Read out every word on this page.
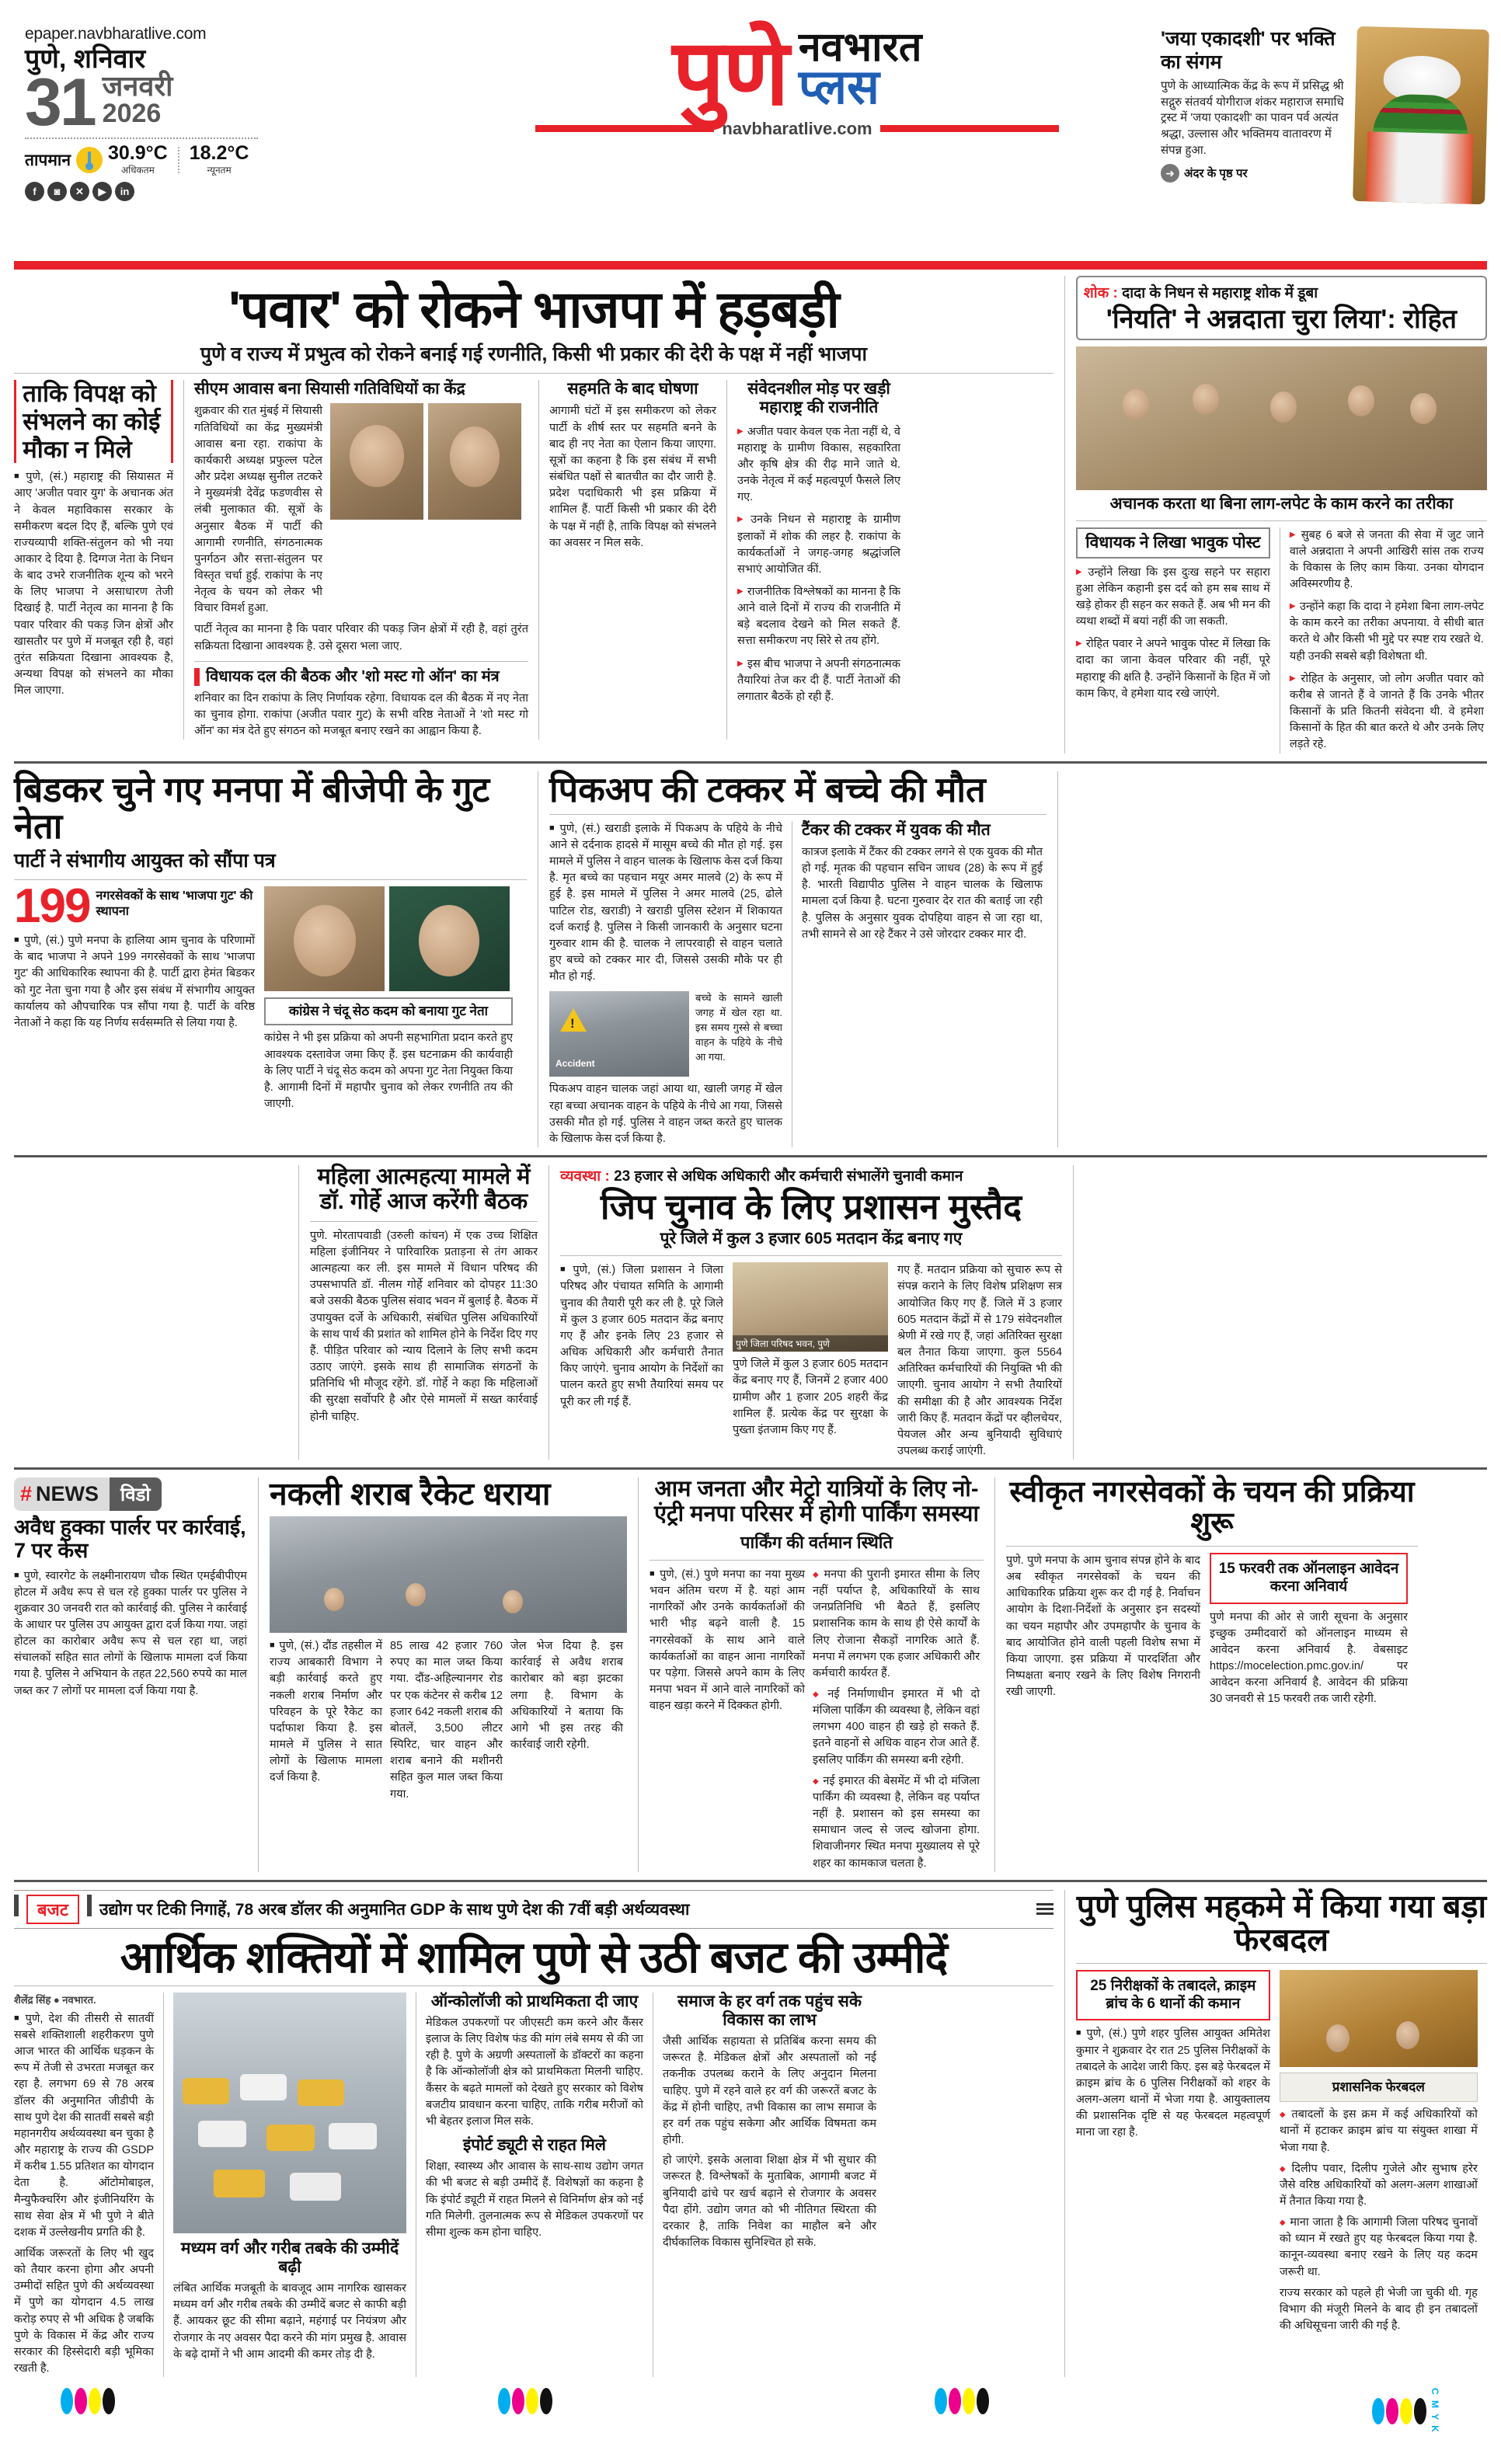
epaper.navbharatlive.com
पुणे, शनिवार
31 जनवरी
2026
तापमान 30.9°C
अधिकतम
18.2°C
न्यूनतम
f	◙	✕	▶	in
पुणे नवभारत
प्लस
navbharatlive.com
'जया एकादशी' पर भक्ति का संगम
पुणे के आध्यात्मिक केंद्र के रूप में प्रसिद्ध श्री सद्गुरु संतवर्य योगीराज शंकर महाराज समाधि ट्रस्ट में 'जया एकादशी' का पावन पर्व अत्यंत श्रद्धा, उल्लास और भक्तिमय वातावरण में संपन्न हुआ.
➜ अंदर के पृष्ठ पर
'पवार' को रोकने भाजपा में हड़बड़ी
पुणे व राज्य में प्रभुत्व को रोकने बनाई गई रणनीति, किसी भी प्रकार की देरी के पक्ष में नहीं भाजपा
ताकि विपक्ष को संभलने का कोई मौका न मिले
■ पुणे, (सं.) महाराष्ट्र की सियासत में आए 'अजीत पवार युग' के अचानक अंत ने केवल महाविकास सरकार के समीकरण बदल दिए हैं, बल्कि पुणे एवं राज्यव्यापी शक्ति-संतुलन को भी नया आकार दे दिया है. दिग्गज नेता के निधन के बाद उभरे राजनीतिक शून्य को भरने के लिए भाजपा ने असाधारण तेजी दिखाई है. पार्टी नेतृत्व का मानना है कि पवार परिवार की पकड़ जिन क्षेत्रों और खासतौर पर पुणे में मजबूत रही है, वहां तुरंत सक्रियता दिखाना आवश्यक है, अन्यथा विपक्ष को संभलने का मौका मिल जाएगा.
सीएम आवास बना सियासी गतिविधियों का केंद्र
शुक्रवार की रात मुंबई में सियासी गतिविधियों का केंद्र मुख्यमंत्री आवास बना रहा. राकांपा के कार्यकारी अध्यक्ष प्रफुल्ल पटेल और प्रदेश अध्यक्ष सुनील तटकरे ने मुख्यमंत्री देवेंद्र फडणवीस से लंबी मुलाकात की. सूत्रों के अनुसार बैठक में पार्टी की आगामी रणनीति, संगठनात्मक पुनर्गठन और सत्ता-संतुलन पर विस्तृत चर्चा हुई. राकांपा के नए नेतृत्व के चयन को लेकर भी विचार विमर्श हुआ.
पार्टी नेतृत्व का मानना है कि पवार परिवार की पकड़ जिन क्षेत्रों में रही है, वहां तुरंत सक्रियता दिखाना आवश्यक है. उसे दूसरा भला जाए.
विधायक दल की बैठक और 'शो मस्ट गो ऑन' का मंत्र
शनिवार का दिन राकांपा के लिए निर्णायक रहेगा. विधायक दल की बैठक में नए नेता का चुनाव होगा. राकांपा (अजीत पवार गुट) के सभी वरिष्ठ नेताओं ने 'शो मस्ट गो ऑन' का मंत्र देते हुए संगठन को मजबूत बनाए रखने का आह्वान किया है.
सहमति के बाद घोषणा
आगामी घंटों में इस समीकरण को लेकर पार्टी के शीर्ष स्तर पर सहमति बनने के बाद ही नए नेता का ऐलान किया जाएगा. सूत्रों का कहना है कि इस संबंध में सभी संबंधित पक्षों से बातचीत का दौर जारी है. प्रदेश पदाधिकारी भी इस प्रक्रिया में शामिल हैं. पार्टी किसी भी प्रकार की देरी के पक्ष में नहीं है, ताकि विपक्ष को संभलने का अवसर न मिल सके.
संवेदनशील मोड़ पर खड़ी महाराष्ट्र की राजनीति
▶ अजीत पवार केवल एक नेता नहीं थे, वे महाराष्ट्र के ग्रामीण विकास, सहकारिता और कृषि क्षेत्र की रीढ़ माने जाते थे. उनके नेतृत्व में कई महत्वपूर्ण फैसले लिए गए.
▶ उनके निधन से महाराष्ट्र के ग्रामीण इलाकों में शोक की लहर है. राकांपा के कार्यकर्ताओं ने जगह-जगह श्रद्धांजलि सभाएं आयोजित कीं.
▶ राजनीतिक विश्लेषकों का मानना है कि आने वाले दिनों में राज्य की राजनीति में बड़े बदलाव देखने को मिल सकते हैं. सत्ता समीकरण नए सिरे से तय होंगे.
▶ इस बीच भाजपा ने अपनी संगठनात्मक तैयारियां तेज कर दी हैं. पार्टी नेताओं की लगातार बैठकें हो रही हैं.
शोक : दादा के निधन से महाराष्ट्र शोक में डूबा
'नियति' ने अन्नदाता चुरा लिया': रोहित
अचानक करता था बिना लाग-लपेट के काम करने का तरीका
विधायक ने लिखा भावुक पोस्ट
▶ उन्होंने लिखा कि इस दुःख सहने पर सहारा हुआ लेकिन कहानी इस दर्द को हम सब साथ में खड़े होकर ही सहन कर सकते हैं. अब भी मन की व्यथा शब्दों में बयां नहीं की जा सकती.
▶ रोहित पवार ने अपने भावुक पोस्ट में लिखा कि दादा का जाना केवल परिवार की नहीं, पूरे महाराष्ट्र की क्षति है. उन्होंने किसानों के हित में जो काम किए, वे हमेशा याद रखे जाएंगे.
▶ सुबह 6 बजे से जनता की सेवा में जुट जाने वाले अन्नदाता ने अपनी आखिरी सांस तक राज्य के विकास के लिए काम किया. उनका योगदान अविस्मरणीय है.
▶ उन्होंने कहा कि दादा ने हमेशा बिना लाग-लपेट के काम करने का तरीका अपनाया. वे सीधी बात करते थे और किसी भी मुद्दे पर स्पष्ट राय रखते थे. यही उनकी सबसे बड़ी विशेषता थी.
▶ रोहित के अनुसार, जो लोग अजीत पवार को करीब से जानते हैं वे जानते हैं कि उनके भीतर किसानों के प्रति कितनी संवेदना थी. वे हमेशा किसानों के हित की बात करते थे और उनके लिए लड़ते रहे.
बिडकर चुने गए मनपा में बीजेपी के गुट नेता
पार्टी ने संभागीय आयुक्त को सौंपा पत्र
199 नगरसेवकों के साथ 'भाजपा गुट' की स्थापना
■ पुणे, (सं.) पुणे मनपा के हालिया आम चुनाव के परिणामों के बाद भाजपा ने अपने 199 नगरसेवकों के साथ 'भाजपा गुट' की आधिकारिक स्थापना की है. पार्टी द्वारा हेमंत बिडकर को गुट नेता चुना गया है और इस संबंध में संभागीय आयुक्त कार्यालय को औपचारिक पत्र सौंपा गया है. पार्टी के वरिष्ठ नेताओं ने कहा कि यह निर्णय सर्वसम्मति से लिया गया है.
कांग्रेस ने चंदू सेठ कदम को बनाया गुट नेता
कांग्रेस ने भी इस प्रक्रिया को अपनी सहभागिता प्रदान करते हुए आवश्यक दस्तावेज जमा किए हैं. इस घटनाक्रम की कार्यवाही के लिए पार्टी ने चंदू सेठ कदम को अपना गुट नेता नियुक्त किया है. आगामी दिनों में महापौर चुनाव को लेकर रणनीति तय की जाएगी.
पिकअप की टक्कर में बच्चे की मौत
■ पुणे, (सं.) खराडी इलाके में पिकअप के पहिये के नीचे आने से दर्दनाक हादसे में मासूम बच्चे की मौत हो गई. इस मामले में पुलिस ने वाहन चालक के खिलाफ केस दर्ज किया है. मृत बच्चे का पहचान मयूर अमर मालवे (2) के रूप में हुई है. इस मामले में पुलिस ने अमर मालवे (25, ढोले पाटिल रोड, खराडी) ने खराडी पुलिस स्टेशन में शिकायत दर्ज कराई है. पुलिस ने किसी जानकारी के अनुसार घटना गुरुवार शाम की है. चालक ने लापरवाही से वाहन चलाते हुए बच्चे को टक्कर मार दी, जिससे उसकी मौके पर ही मौत हो गई.
!
Accident
बच्चे के सामने खाली जगह में खेल रहा था. इस समय गुस्से से बच्चा वाहन के पहिये के नीचे आ गया.
पिकअप वाहन चालक जहां आया था, खाली जगह में खेल रहा बच्चा अचानक वाहन के पहिये के नीचे आ गया, जिससे उसकी मौत हो गई. पुलिस ने वाहन जब्त करते हुए चालक के खिलाफ केस दर्ज किया है.
टैंकर की टक्कर में युवक की मौत
कात्रज इलाके में टैंकर की टक्कर लगने से एक युवक की मौत हो गई. मृतक की पहचान सचिन जाधव (28) के रूप में हुई है. भारती विद्यापीठ पुलिस ने वाहन चालक के खिलाफ मामला दर्ज किया है. घटना गुरुवार देर रात की बताई जा रही है. पुलिस के अनुसार युवक दोपहिया वाहन से जा रहा था, तभी सामने से आ रहे टैंकर ने उसे जोरदार टक्कर मार दी.

महिला आत्महत्या मामले में डॉ. गोर्हे आज करेंगी बैठक
पुणे. मोरतापवाडी (उरुली कांचन) में एक उच्च शिक्षित महिला इंजीनियर ने पारिवारिक प्रताड़ना से तंग आकर आत्महत्या कर ली. इस मामले में विधान परिषद की उपसभापति डॉ. नीलम गोर्हे शनिवार को दोपहर 11:30 बजे उसकी बैठक पुलिस संवाद भवन में बुलाई है. बैठक में उपायुक्त दर्जे के अधिकारी, संबंधित पुलिस अधिकारियों के साथ पार्थ की प्रशांत को शामिल होने के निर्देश दिए गए हैं. पीड़ित परिवार को न्याय दिलाने के लिए सभी कदम उठाए जाएंगे. इसके साथ ही सामाजिक संगठनों के प्रतिनिधि भी मौजूद रहेंगे. डॉ. गोर्हे ने कहा कि महिलाओं की सुरक्षा सर्वोपरि है और ऐसे मामलों में सख्त कार्रवाई होनी चाहिए.
व्यवस्था : 23 हजार से अधिक अधिकारी और कर्मचारी संभालेंगे चुनावी कमान
जिप चुनाव के लिए प्रशासन मुस्तैद
पूरे जिले में कुल 3 हजार 605 मतदान केंद्र बनाए गए
■ पुणे, (सं.) जिला प्रशासन ने जिला परिषद और पंचायत समिति के आगामी चुनाव की तैयारी पूरी कर ली है. पूरे जिले में कुल 3 हजार 605 मतदान केंद्र बनाए गए हैं और इनके लिए 23 हजार से अधिक अधिकारी और कर्मचारी तैनात किए जाएंगे. चुनाव आयोग के निर्देशों का पालन करते हुए सभी तैयारियां समय पर पूरी कर ली गई हैं.
पुणे जिला परिषद भवन, पुणे
पुणे जिले में कुल 3 हजार 605 मतदान केंद्र बनाए गए हैं, जिनमें 2 हजार 400 ग्रामीण और 1 हजार 205 शहरी केंद्र शामिल हैं. प्रत्येक केंद्र पर सुरक्षा के पुख्ता इंतजाम किए गए हैं.
गए हैं. मतदान प्रक्रिया को सुचारु रूप से संपन्न कराने के लिए विशेष प्रशिक्षण सत्र आयोजित किए गए हैं. जिले में 3 हजार 605 मतदान केंद्रों में से 179 संवेदनशील श्रेणी में रखे गए हैं, जहां अतिरिक्त सुरक्षा बल तैनात किया जाएगा. कुल 5564 अतिरिक्त कर्मचारियों की नियुक्ति भी की जाएगी. चुनाव आयोग ने सभी तैयारियों की समीक्षा की है और आवश्यक निर्देश जारी किए हैं. मतदान केंद्रों पर व्हीलचेयर, पेयजल और अन्य बुनियादी सुविधाएं उपलब्ध कराई जाएंगी.

# NEWS	विडो
अवैध हुक्का पार्लर पर कार्रवाई, 7 पर केस
■ पुणे, स्वारगेट के लक्ष्मीनारायण चौक स्थित एमईबीपीएम होटल में अवैध रूप से चल रहे हुक्का पार्लर पर पुलिस ने शुक्रवार 30 जनवरी रात को कार्रवाई की. पुलिस ने कार्रवाई के आधार पर पुलिस उप आयुक्त द्वारा दर्ज किया गया. जहां होटल का कारोबार अवैध रूप से चल रहा था, जहां संचालकों सहित सात लोगों के खिलाफ मामला दर्ज किया गया है. पुलिस ने अभियान के तहत 22,560 रुपये का माल जब्त कर 7 लोगों पर मामला दर्ज किया गया है.
नकली शराब रैकेट धराया
■ पुणे, (सं.) दौंड तहसील में राज्य आबकारी विभाग ने बड़ी कार्रवाई करते हुए नकली शराब निर्माण और परिवहन के पूरे रैकेट का पर्दाफाश किया है. इस मामले में पुलिस ने सात लोगों के खिलाफ मामला दर्ज किया है.
85 लाख 42 हजार 760 रुपए का माल जब्त किया गया. दौंड-अहिल्यानगर रोड पर एक कंटेनर से करीब 12 हजार 642 नकली शराब की बोतलें, 3,500 लीटर स्पिरिट, चार वाहन और शराब बनाने की मशीनरी सहित कुल माल जब्त किया गया.
जेल भेज दिया है. इस कार्रवाई से अवैध शराब कारोबार को बड़ा झटका लगा है. विभाग के अधिकारियों ने बताया कि आगे भी इस तरह की कार्रवाई जारी रहेगी.
आम जनता और मेट्रो यात्रियों के लिए नो-एंट्री मनपा परिसर में होगी पार्किंग समस्या
पार्किंग की वर्तमान स्थिति
■ पुणे, (सं.) पुणे मनपा का नया मुख्य भवन अंतिम चरण में है. यहां आम नागरिकों और उनके कार्यकर्ताओं की भारी भीड़ बढ़ने वाली है. 15 नगरसेवकों के साथ आने वाले कार्यकर्ताओं का वाहन आना नागरिकों पर पड़ेगा. जिससे अपने काम के लिए मनपा भवन में आने वाले नागरिकों को वाहन खड़ा करने में दिक्कत होगी.
◆ मनपा की पुरानी इमारत सीमा के लिए नहीं पर्याप्त है, अधिकारियों के साथ जनप्रतिनिधि भी बैठते हैं, इसलिए प्रशासनिक काम के साथ ही ऐसे कार्यों के लिए रोजाना सैकड़ों नागरिक आते हैं. मनपा में लगभग एक हजार अधिकारी और कर्मचारी कार्यरत हैं.
◆ नई निर्माणाधीन इमारत में भी दो मंजिला पार्किंग की व्यवस्था है, लेकिन वहां लगभग 400 वाहन ही खड़े हो सकते हैं. इतने वाहनों से अधिक वाहन रोज आते हैं. इसलिए पार्किंग की समस्या बनी रहेगी.
◆ नई इमारत की बेसमेंट में भी दो मंजिला पार्किंग की व्यवस्था है, लेकिन वह पर्याप्त नहीं है. प्रशासन को इस समस्या का समाधान जल्द से जल्द खोजना होगा. शिवाजीनगर स्थित मनपा मुख्यालय से पूरे शहर का कामकाज चलता है.
स्वीकृत नगरसेवकों के चयन की प्रक्रिया शुरू
पुणे. पुणे मनपा के आम चुनाव संपन्न होने के बाद अब स्वीकृत नगरसेवकों के चयन की आधिकारिक प्रक्रिया शुरू कर दी गई है. निर्वाचन आयोग के दिशा-निर्देशों के अनुसार इन सदस्यों का चयन महापौर और उपमहापौर के चुनाव के बाद आयोजित होने वाली पहली विशेष सभा में किया जाएगा. इस प्रक्रिया में पारदर्शिता और निष्पक्षता बनाए रखने के लिए विशेष निगरानी रखी जाएगी.
15 फरवरी तक ऑनलाइन आवेदन करना अनिवार्य
पुणे मनपा की ओर से जारी सूचना के अनुसार इच्छुक उम्मीदवारों को ऑनलाइन माध्यम से आवेदन करना अनिवार्य है. वेबसाइट https://mocelection.pmc.gov.in/ पर आवेदन करना अनिवार्य है. आवेदन की प्रक्रिया 30 जनवरी से 15 फरवरी तक जारी रहेगी.
बजट	उद्योग पर टिकी निगाहें, 78 अरब डॉलर की अनुमानित GDP के साथ पुणे देश की 7वीं बड़ी अर्थव्यवस्था
आर्थिक शक्तियों में शामिल पुणे से उठी बजट की उम्मीदें
शैलेंद्र सिंह ● नवभारत.
■ पुणे, देश की तीसरी से सातवीं सबसे शक्तिशाली शहरीकरण पुणे आज भारत की आर्थिक धड़कन के रूप में तेजी से उभरता मजबूत कर रहा है. लगभग 69 से 78 अरब डॉलर की अनुमानित जीडीपी के साथ पुणे देश की सातवीं सबसे बड़ी महानगरीय अर्थव्यवस्था बन चुका है और महाराष्ट्र के राज्य की GSDP में करीब 1.55 प्रतिशत का योगदान देता है. ऑटोमोबाइल, मैन्युफैक्चरिंग और इंजीनियरिंग के साथ सेवा क्षेत्र में भी पुणे ने बीते दशक में उल्लेखनीय प्रगति की है.
आर्थिक जरूरतों के लिए भी खुद को तैयार करना होगा और अपनी उम्मीदों सहित पुणे की अर्थव्यवस्था में पुणे का योगदान 4.5 लाख करोड़ रुपए से भी अधिक है जबकि पुणे के विकास में केंद्र और राज्य सरकार की हिस्सेदारी बड़ी भूमिका रखती है.
मध्यम वर्ग और गरीब तबके की उम्मीदें बढ़ी
लंबित आर्थिक मजबूती के बावजूद आम नागरिक खासकर मध्यम वर्ग और गरीब तबके की उम्मीदें बजट से काफी बड़ी हैं. आयकर छूट की सीमा बढ़ाने, महंगाई पर नियंत्रण और रोजगार के नए अवसर पैदा करने की मांग प्रमुख है. आवास के बढ़े दामों ने भी आम आदमी की कमर तोड़ दी है.
ऑन्कोलॉजी को प्राथमिकता दी जाए
मेडिकल उपकरणों पर जीएसटी कम करने और कैंसर इलाज के लिए विशेष फंड की मांग लंबे समय से की जा रही है. पुणे के अग्रणी अस्पतालों के डॉक्टरों का कहना है कि ऑन्कोलॉजी क्षेत्र को प्राथमिकता मिलनी चाहिए. कैंसर के बढ़ते मामलों को देखते हुए सरकार को विशेष बजटीय प्रावधान करना चाहिए, ताकि गरीब मरीजों को भी बेहतर इलाज मिल सके.
इंपोर्ट ड्यूटी से राहत मिले
शिक्षा, स्वास्थ्य और आवास के साथ-साथ उद्योग जगत की भी बजट से बड़ी उम्मीदें हैं. विशेषज्ञों का कहना है कि इंपोर्ट ड्यूटी में राहत मिलने से विनिर्माण क्षेत्र को नई गति मिलेगी. तुलनात्मक रूप से मेडिकल उपकरणों पर सीमा शुल्क कम होना चाहिए.
समाज के हर वर्ग तक पहुंच सके विकास का लाभ
जैसी आर्थिक सहायता से प्रतिबिंब करना समय की जरूरत है. मेडिकल क्षेत्रों और अस्पतालों को नई तकनीक उपलब्ध कराने के लिए अनुदान मिलना चाहिए. पुणे में रहने वाले हर वर्ग की जरूरतें बजट के केंद्र में होनी चाहिए, तभी विकास का लाभ समाज के हर वर्ग तक पहुंच सकेगा और आर्थिक विषमता कम होगी.
हो जाएंगे. इसके अलावा शिक्षा क्षेत्र में भी सुधार की जरूरत है. विश्लेषकों के मुताबिक, आगामी बजट में बुनियादी ढांचे पर खर्च बढ़ाने से रोजगार के अवसर पैदा होंगे. उद्योग जगत को भी नीतिगत स्थिरता की दरकार है, ताकि निवेश का माहौल बने और दीर्घकालिक विकास सुनिश्चित हो सके.
पुणे पुलिस महकमे में किया गया बड़ा फेरबदल
25 निरीक्षकों के तबादले, क्राइम ब्रांच के 6 थानों की कमान
■ पुणे, (सं.) पुणे शहर पुलिस आयुक्त अमितेश कुमार ने शुक्रवार देर रात 25 पुलिस निरीक्षकों के तबादले के आदेश जारी किए. इस बड़े फेरबदल में क्राइम ब्रांच के 6 पुलिस निरीक्षकों को शहर के अलग-अलग थानों में भेजा गया है. आयुक्तालय की प्रशासनिक दृष्टि से यह फेरबदल महत्वपूर्ण माना जा रहा है.
प्रशासनिक फेरबदल
◆ तबादलों के इस क्रम में कई अधिकारियों को थानों में हटाकर क्राइम ब्रांच या संयुक्त शाखा में भेजा गया है.
◆ दिलीप पवार, दिलीप गुजेले और सुभाष हरेर जैसे वरिष्ठ अधिकारियों को अलग-अलग शाखाओं में तैनात किया गया है.
◆ माना जाता है कि आगामी जिला परिषद चुनावों को ध्यान में रखते हुए यह फेरबदल किया गया है. कानून-व्यवस्था बनाए रखने के लिए यह कदम जरूरी था.
राज्य सरकार को पहले ही भेजी जा चुकी थी. गृह विभाग की मंजूरी मिलने के बाद ही इन तबादलों की अधिसूचना जारी की गई है.
C M Y K
